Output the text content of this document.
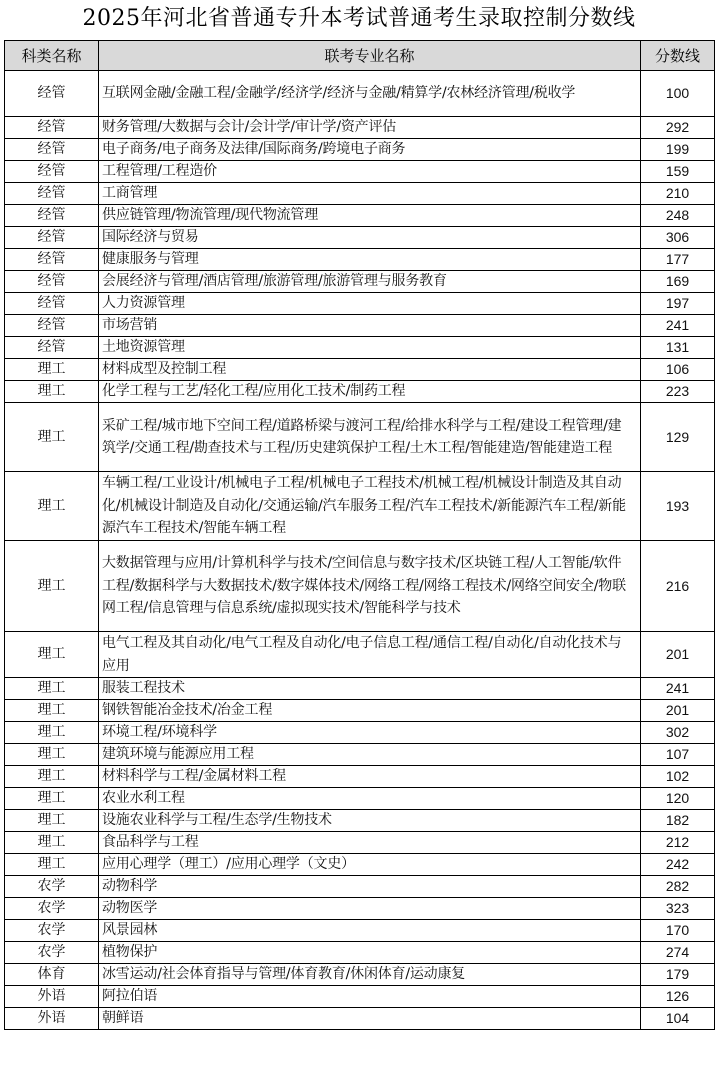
2025年河北省普通专升本考试普通考生录取控制分数线
科类名称	联考专业名称	分数线
经管	互联网金融/金融工程/金融学/经济学/经济与金融/精算学/农林经济管理/税收学	100
经管	财务管理/大数据与会计/会计学/审计学/资产评估	292
经管	电子商务/电子商务及法律/国际商务/跨境电子商务	199
经管	工程管理/工程造价	159
经管	工商管理	210
经管	供应链管理/物流管理/现代物流管理	248
经管	国际经济与贸易	306
经管	健康服务与管理	177
经管	会展经济与管理/酒店管理/旅游管理/旅游管理与服务教育	169
经管	人力资源管理	197
经管	市场营销	241
经管	土地资源管理	131
理工	材料成型及控制工程	106
理工	化学工程与工艺/轻化工程/应用化工技术/制药工程	223
理工	采矿工程/城市地下空间工程/道路桥梁与渡河工程/给排水科学与工程/建设工程管理/建筑学/交通工程/勘查技术与工程/历史建筑保护工程/土木工程/智能建造/智能建造工程	129
理工	车辆工程/工业设计/机械电子工程/机械电子工程技术/机械工程/机械设计制造及其自动化/机械设计制造及自动化/交通运输/汽车服务工程/汽车工程技术/新能源汽车工程/新能源汽车工程技术/智能车辆工程	193
理工	大数据管理与应用/计算机科学与技术/空间信息与数字技术/区块链工程/人工智能/软件工程/数据科学与大数据技术/数字媒体技术/网络工程/网络工程技术/网络空间安全/物联网工程/信息管理与信息系统/虚拟现实技术/智能科学与技术	216
理工	电气工程及其自动化/电气工程及自动化/电子信息工程/通信工程/自动化/自动化技术与应用	201
理工	服装工程技术	241
理工	钢铁智能冶金技术/冶金工程	201
理工	环境工程/环境科学	302
理工	建筑环境与能源应用工程	107
理工	材料科学与工程/金属材料工程	102
理工	农业水利工程	120
理工	设施农业科学与工程/生态学/生物技术	182
理工	食品科学与工程	212
理工	应用心理学（理工）/应用心理学（文史）	242
农学	动物科学	282
农学	动物医学	323
农学	风景园林	170
农学	植物保护	274
体育	冰雪运动/社会体育指导与管理/体育教育/休闲体育/运动康复	179
外语	阿拉伯语	126
外语	朝鲜语	104
